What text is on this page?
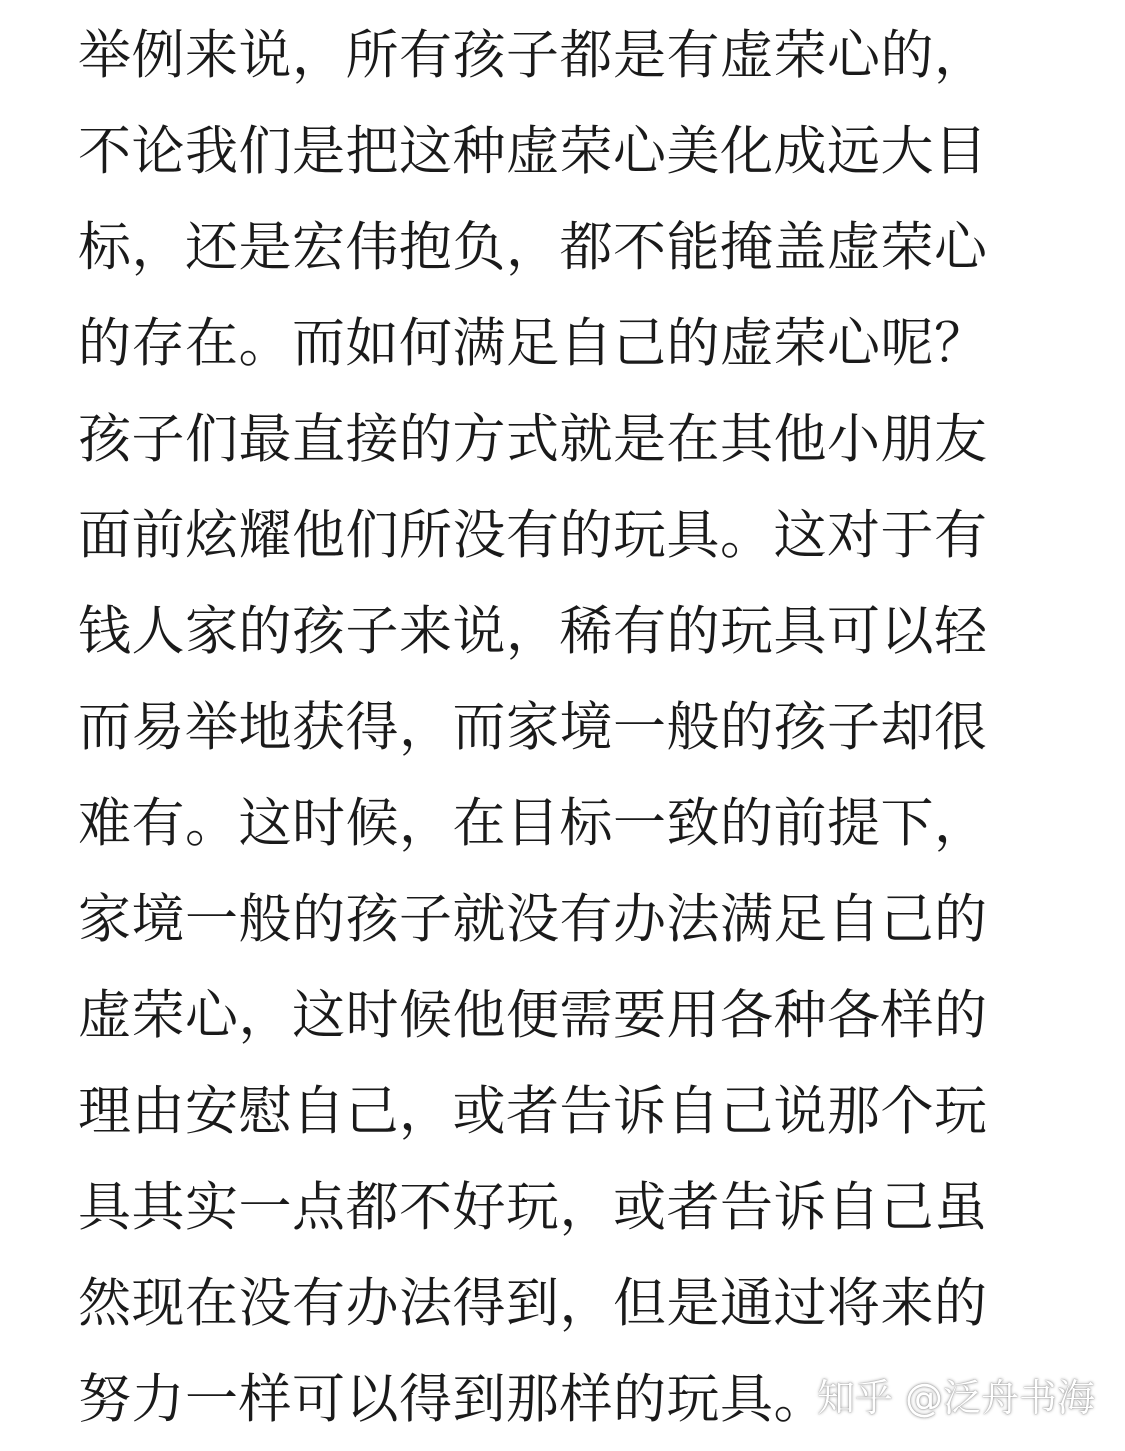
举例来说，所有孩子都是有虚荣心的，
不论我们是把这种虚荣心美化成远大目
标，还是宏伟抱负，都不能掩盖虚荣心
的存在。而如何满足自己的虚荣心呢？
孩子们最直接的方式就是在其他小朋友
面前炫耀他们所没有的玩具。这对于有
钱人家的孩子来说，稀有的玩具可以轻
而易举地获得，而家境一般的孩子却很
难有。这时候，在目标一致的前提下，
家境一般的孩子就没有办法满足自己的
虚荣心，这时候他便需要用各种各样的
理由安慰自己，或者告诉自己说那个玩
具其实一点都不好玩，或者告诉自己虽
然现在没有办法得到，但是通过将来的
努力一样可以得到那样的玩具。
知乎 @泛舟书海
